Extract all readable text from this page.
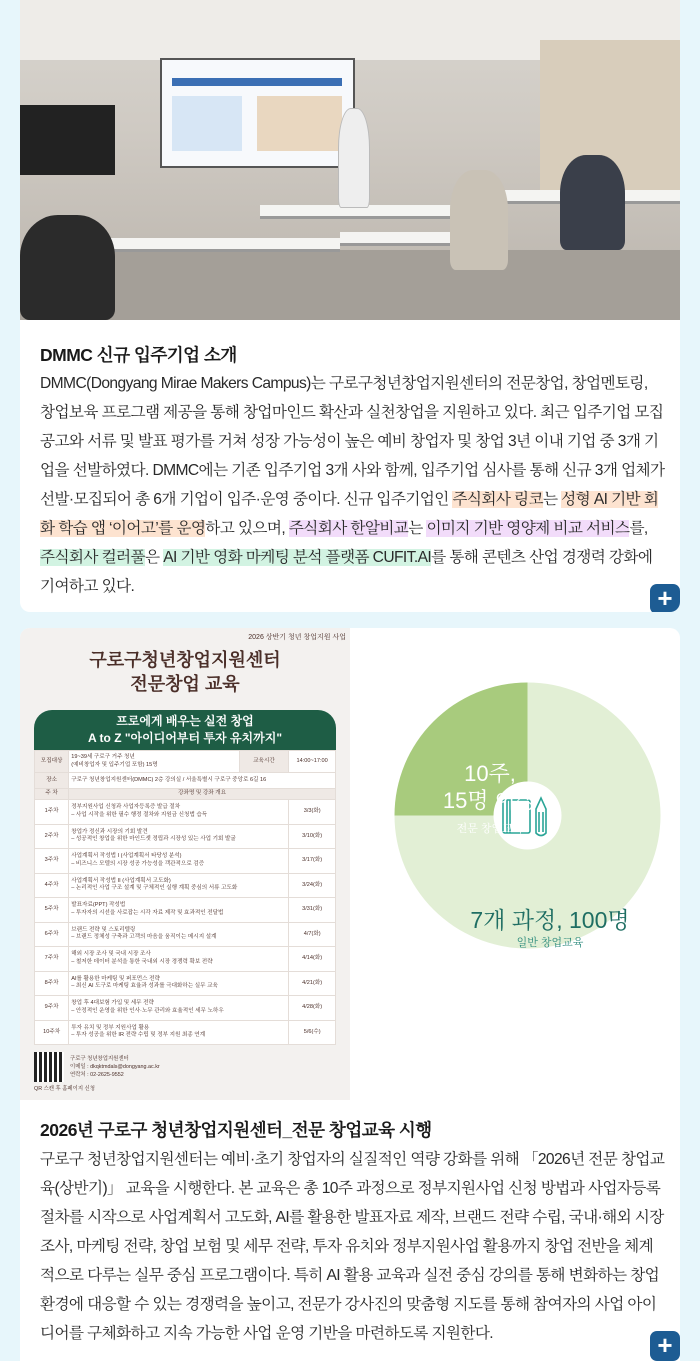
DMMC 신규 입주기업 소개
DMMC(Dongyang Mirae Makers Campus)는 구로구청년창업지원센터의 전문창업, 창업멘토링, 창업보육 프로그램 제공을 통해 창업마인드 확산과 실천창업을 지원하고 있다. 최근 입주기업 모집 공고와 서류 및 발표 평가를 거쳐 성장 가능성이 높은 예비 창업자 및 창업 3년 이내 기업 중 3개 기업을 선발하였다. DMMC에는 기존 입주기업 3개 사와 함께, 입주기업 심사를 통해 신규 3개 업체가 선발·모집되어 총 6개 기업이 입주·운영 중이다. 신규 입주기업인 주식회사 링코는 성형 AI 기반 회화 학습 앱 ‘이어고’를 운영하고 있으며, 주식회사 한알비교는 이미지 기반 영양제 비교 서비스를, 주식회사 컬러풀은 AI 기반 영화 마케팅 분석 플랫폼 CUFIT.AI를 통해 콘텐츠 산업 경쟁력 강화에 기여하고 있다.	+
2026 상반기 청년 창업지원 사업
구로구청년창업지원센터
전문창업 교육
프로에게 배우는 실전 창업
A to Z "아이디어부터 투자 유치까지"
모집대상	19~39세 구로구 거주 청년
(예비창업자 및 입주기업 포함) 15명	교육시간	14:00~17:00
장소	구로구 청년창업지원센터(DMMC) 2층 강의실 / 서울특별시 구로구 중앙로 6길 16		
주 차	강좌명 및 강좌 개요		
1주차	정부지원사업 신청과 사업자등록증 발급 절차
– 사업 시작을 위한 필수 행정 절차와 지원금 신청법 습득		3/3(화)
2주차	창업가 정신과 시장의 기회 발견
– 성공적인 창업을 위한 마인드셋 정립과 시장성 있는 사업 기회 발굴		3/10(화)
3주차	사업계획서 작성법 I (사업계획서 타당성 분석)
– 비즈니스 모델의 시장 성공 가능성을 객관적으로 검증		3/17(화)
4주차	사업계획서 작성법 II (사업계획서 고도화)
– 논리적인 사업 구조 설계 및 구체적인 실행 계획 중심의 서류 고도화		3/24(화)
5주차	발표자료(PPT) 작성법
– 투자자의 시선을 사로잡는 시각 자료 제작 및 효과적인 전달법		3/31(화)
6주차	브랜드 전략 및 스토리텔링
– 브랜드 정체성 구축과 고객의 마음을 움직이는 메시지 설계		4/7(화)
7주차	해외 시장 조사 및 국내 시장 조사
– 철저한 데이터 분석을 통한 국내외 시장 경쟁력 확보 전략		4/14(화)
8주차	AI를 활용한 마케팅 및 퍼포먼스 전략
– 최신 AI 도구로 마케팅 효율과 성과를 극대화하는 실무 교육		4/21(화)
9주차	창업 후 4대보험 가입 및 세무 전략
– 안정적인 운영을 위한 인사·노무 관리와 효율적인 세무 노하우		4/28(화)
10주차	투자 유치 및 정부 지원사업 활용
– 투자 성공을 위한 IR 전략 수립 및 정부 지원 최종 연계		5/6(수)
구로구 청년창업지원센터
이메일 : dkqktmdals@dongyang.ac.kr
연락처 : 02-2625-9552
QR 스캔 후 홈페이지 신청
10주,
15명 이상
전문 창업교육
7개 과정, 100명
일반 창업교육
2026년 구로구 청년창업지원센터_전문 창업교육 시행
구로구 청년창업지원센터는 예비·초기 창업자의 실질적인 역량 강화를 위해 「2026년 전문 창업교육(상반기)」 교육을 시행한다. 본 교육은 총 10주 과정으로 정부지원사업 신청 방법과 사업자등록 절차를 시작으로 사업계획서 고도화, AI를 활용한 발표자료 제작, 브랜드 전략 수립, 국내·해외 시장조사, 마케팅 전략, 창업 보험 및 세무 전략, 투자 유치와 정부지원사업 활용까지 창업 전반을 체계적으로 다루는 실무 중심 프로그램이다. 특히 AI 활용 교육과 실전 중심 강의를 통해 변화하는 창업 환경에 대응할 수 있는 경쟁력을 높이고, 전문가 강사진의 맞춤형 지도를 통해 참여자의 사업 아이디어를 구체화하고 지속 가능한 사업 운영 기반을 마련하도록 지원한다.	+
